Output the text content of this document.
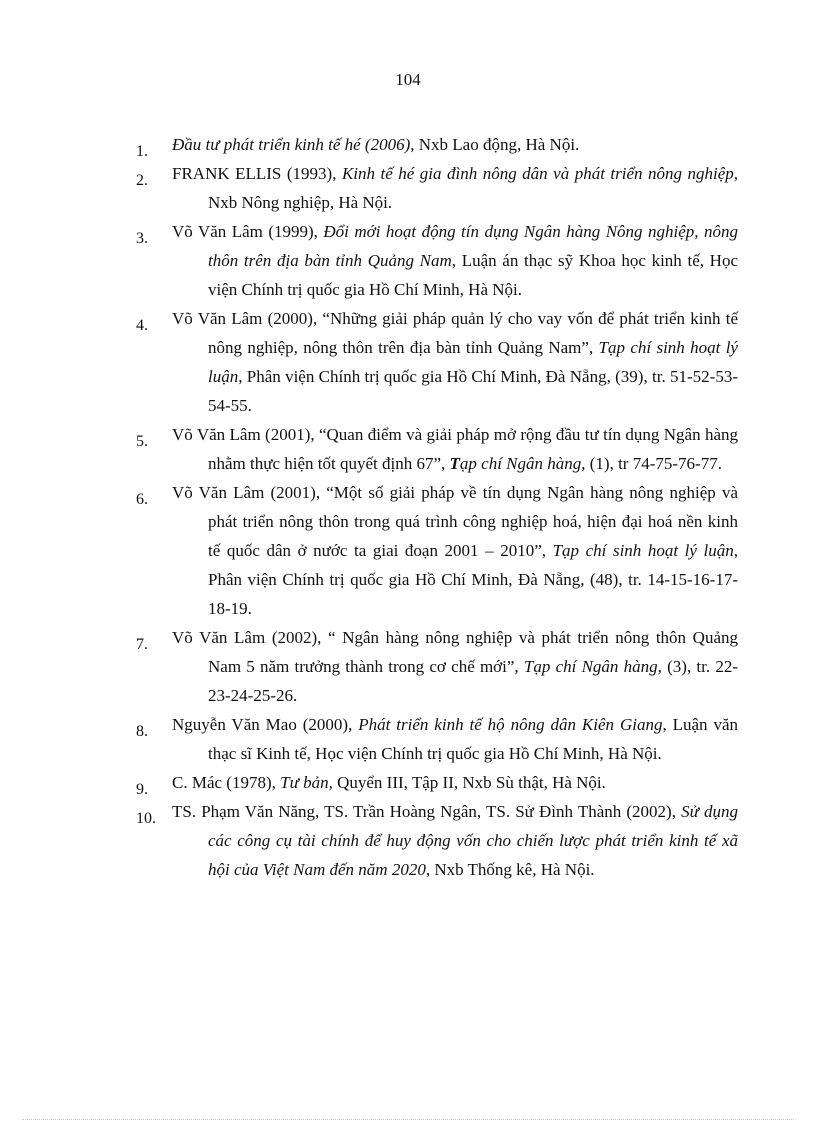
104
1. Đầu tư phát triển kinh tế hé (2006), Nxb Lao động, Hà Nội.
2. FRANK ELLIS (1993), Kinh tế hé gia đình nông dân và phát triển nông nghiệp, Nxb Nông nghiệp, Hà Nội.
3. Võ Văn Lâm (1999), Đổi mới hoạt động tín dụng Ngân hàng Nông nghiệp, nông thôn trên địa bàn tỉnh Quảng Nam, Luận án thạc sỹ Khoa học kinh tế, Học viện Chính trị quốc gia Hồ Chí Minh, Hà Nội.
4. Võ Văn Lâm (2000), “Những giải pháp quản lý cho vay vốn để phát triển kinh tế nông nghiệp, nông thôn trên địa bàn tỉnh Quảng Nam”, Tạp chí sinh hoạt lý luận, Phân viện Chính trị quốc gia Hồ Chí Minh, Đà Nẵng, (39), tr. 51-52-53-54-55.
5. Võ Văn Lâm (2001), “Quan điểm và giải pháp mở rộng đầu tư tín dụng Ngân hàng nhằm thực hiện tốt quyết định 67”, Tạp chí Ngân hàng, (1), tr 74-75-76-77.
6. Võ Văn Lâm (2001), “Một số giải pháp về tín dụng Ngân hàng nông nghiệp và phát triển nông thôn trong quá trình công nghiệp hoá, hiện đại hoá nền kinh tế quốc dân ở nước ta giai đoạn 2001 – 2010”, Tạp chí sinh hoạt lý luận, Phân viện Chính trị quốc gia Hồ Chí Minh, Đà Nẵng, (48), tr. 14-15-16-17-18-19.
7. Võ Văn Lâm (2002), “ Ngân hàng nông nghiệp và phát triển nông thôn Quảng Nam 5 năm trưởng thành trong cơ chế mới”, Tạp chí Ngân hàng, (3), tr. 22-23-24-25-26.
8. Nguyễn Văn Mao (2000), Phát triển kinh tế hộ nông dân Kiên Giang, Luận văn thạc sĩ Kinh tế, Học viện Chính trị quốc gia Hồ Chí Minh, Hà Nội.
9. C. Mác (1978), Tư bản, Quyển III, Tập II, Nxb Sù thật, Hà Nội.
10. TS. Phạm Văn Năng, TS. Trần Hoàng Ngân, TS. Sử Đình Thành (2002), Sử dụng các công cụ tài chính để huy động vốn cho chiến lược phát triển kinh tế xã hội của Việt Nam đến năm 2020, Nxb Thống kê, Hà Nội.
